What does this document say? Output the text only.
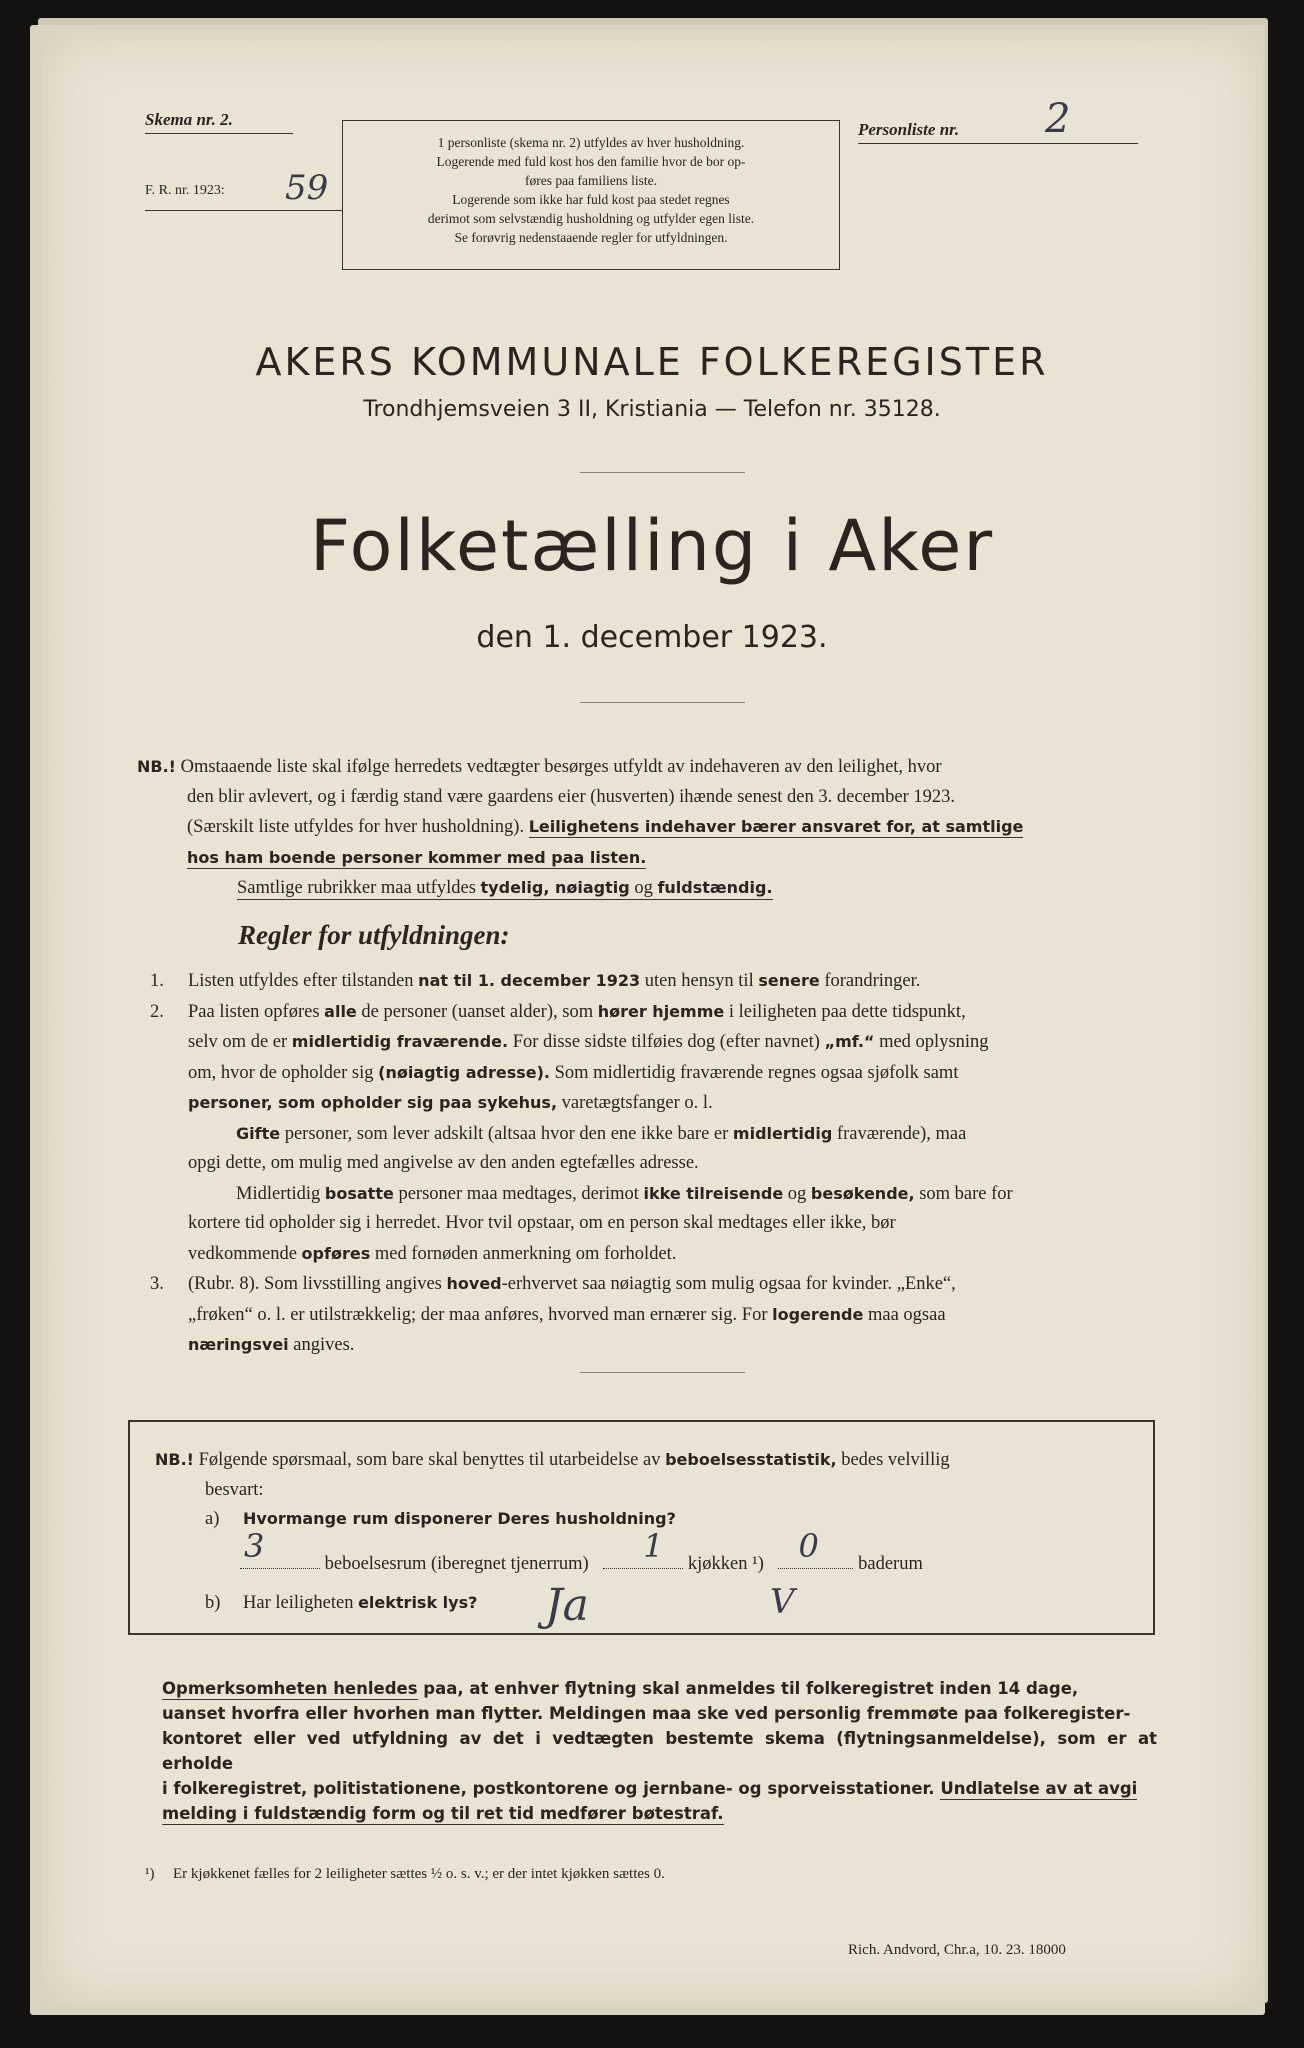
Skema nr. 2.
F. R. nr. 1923: 59
1 personliste (skema nr. 2) utfyldes av hver husholdning.
Logerende med fuld kost hos den familie hvor de bor op-
føres paa familiens liste.
Logerende som ikke har fuld kost paa stedet regnes
derimot som selvstændig husholdning og utfylder egen liste.
Se forøvrig nedenstaaende regler for utfyldningen.
Personliste nr. 2
AKERS KOMMUNALE FOLKEREGISTER
Trondhjemsveien 3 II, Kristiania — Telefon nr. 35128.
Folketælling i Aker
den 1. december 1923.
NB.! Omstaaende liste skal ifølge herredets vedtægter besørges utfyldt av indehaveren av den leilighet, hvor
den blir avlevert, og i færdig stand være gaardens eier (husverten) ihænde senest den 3. december 1923.
(Særskilt liste utfyldes for hver husholdning). Leilighetens indehaver bærer ansvaret for, at samtlige
hos ham boende personer kommer med paa listen.
Samtlige rubrikker maa utfyldes tydelig, nøiagtig og fuldstændig.
Regler for utfyldningen:
1. Listen utfyldes efter tilstanden nat til 1. december 1923 uten hensyn til senere forandringer.
2. Paa listen opføres alle de personer (uanset alder), som hører hjemme i leiligheten paa dette tidspunkt,
selv om de er midlertidig fraværende. For disse sidste tilføies dog (efter navnet) „mf.“ med oplysning
om, hvor de opholder sig (nøiagtig adresse). Som midlertidig fraværende regnes ogsaa sjøfolk samt
personer, som opholder sig paa sykehus, varetægtsfanger o. l.
Gifte personer, som lever adskilt (altsaa hvor den ene ikke bare er midlertidig fraværende), maa
opgi dette, om mulig med angivelse av den anden egtefælles adresse.
Midlertidig bosatte personer maa medtages, derimot ikke tilreisende og besøkende, som bare for
kortere tid opholder sig i herredet. Hvor tvil opstaar, om en person skal medtages eller ikke, bør
vedkommende opføres med fornøden anmerkning om forholdet.
3. (Rubr. 8). Som livsstilling angives hoved-erhvervet saa nøiagtig som mulig ogsaa for kvinder. „Enke“,
„frøken“ o. l. er utilstrækkelig; der maa anføres, hvorved man ernærer sig. For logerende maa ogsaa
næringsvei angives.
NB.! Følgende spørsmaal, som bare skal benyttes til utarbeidelse av beboelsesstatistik, bedes velvillig
besvart:
a) Hvormange rum disponerer Deres husholdning?
3	beboelsesrum (iberegnet tjenerrum) 1 kjøkken ¹) 0 baderum
b) Har leiligheten elektrisk lys? Ja	V
Opmerksomheten henledes paa, at enhver flytning skal anmeldes til folkeregistret inden 14 dage,
uanset hvorfra eller hvorhen man flytter. Meldingen maa ske ved personlig fremmøte paa folkeregister-
kontoret eller ved utfyldning av det i vedtægten bestemte skema (flytningsanmeldelse), som er at erholde
i folkeregistret, politistationene, postkontorene og jernbane- og sporveisstationer. Undlatelse av at avgi
melding i fuldstændig form og til ret tid medfører bøtestraf.
¹) Er kjøkkenet fælles for 2 leiligheter sættes ½ o. s. v.; er der intet kjøkken sættes 0.
Rich. Andvord, Chr.a, 10. 23. 18000
